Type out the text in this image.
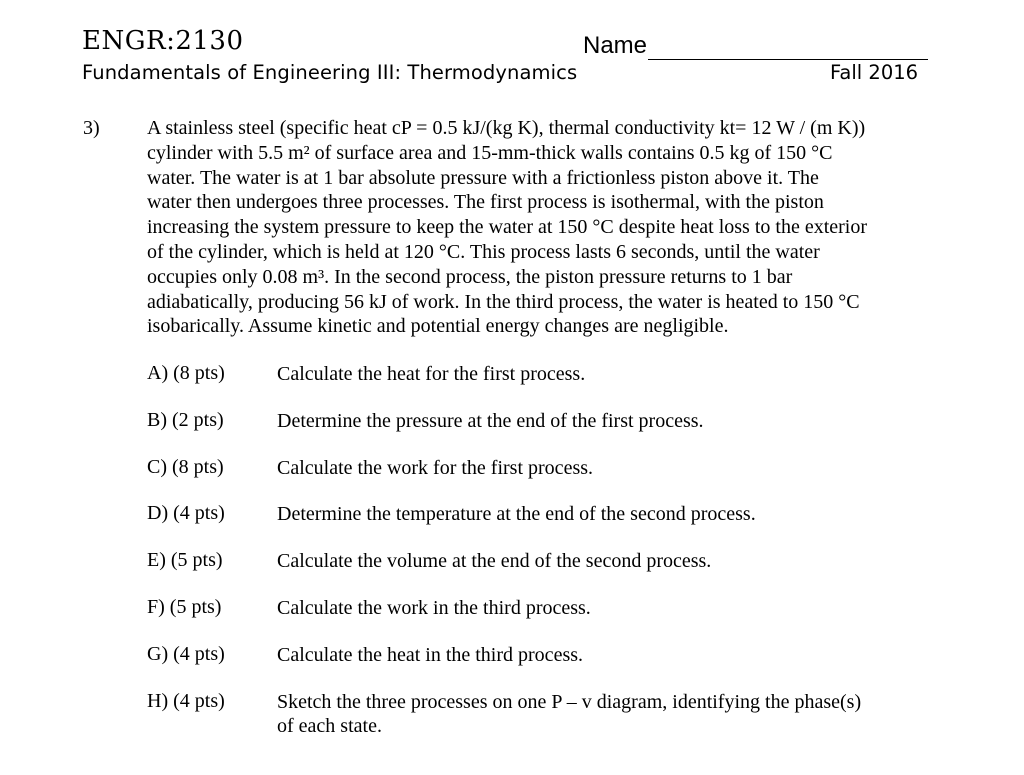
ENGR:2130	Name
Fundamentals of Engineering III: Thermodynamics	Fall 2016
3) A stainless steel (specific heat cP = 0.5 kJ/(kg K), thermal conductivity kt= 12 W / (m K))
cylinder with 5.5 m² of surface area and 15-mm-thick walls contains 0.5 kg of 150 °C
water. The water is at 1 bar absolute pressure with a frictionless piston above it. The
water then undergoes three processes. The first process is isothermal, with the piston
increasing the system pressure to keep the water at 150 °C despite heat loss to the exterior
of the cylinder, which is held at 120 °C. This process lasts 6 seconds, until the water
occupies only 0.08 m³. In the second process, the piston pressure returns to 1 bar
adiabatically, producing 56 kJ of work. In the third process, the water is heated to 150 °C
isobarically. Assume kinetic and potential energy changes are negligible.
A) (8 pts)	Calculate the heat for the first process.
B) (2 pts)	Determine the pressure at the end of the first process.
C) (8 pts)	Calculate the work for the first process.
D) (4 pts)	Determine the temperature at the end of the second process.
E) (5 pts)	Calculate the volume at the end of the second process.
F) (5 pts)	Calculate the work in the third process.
G) (4 pts)	Calculate the heat in the third process.
H) (4 pts)	Sketch the three processes on one P – v diagram, identifying the phase(s)
of each state.
